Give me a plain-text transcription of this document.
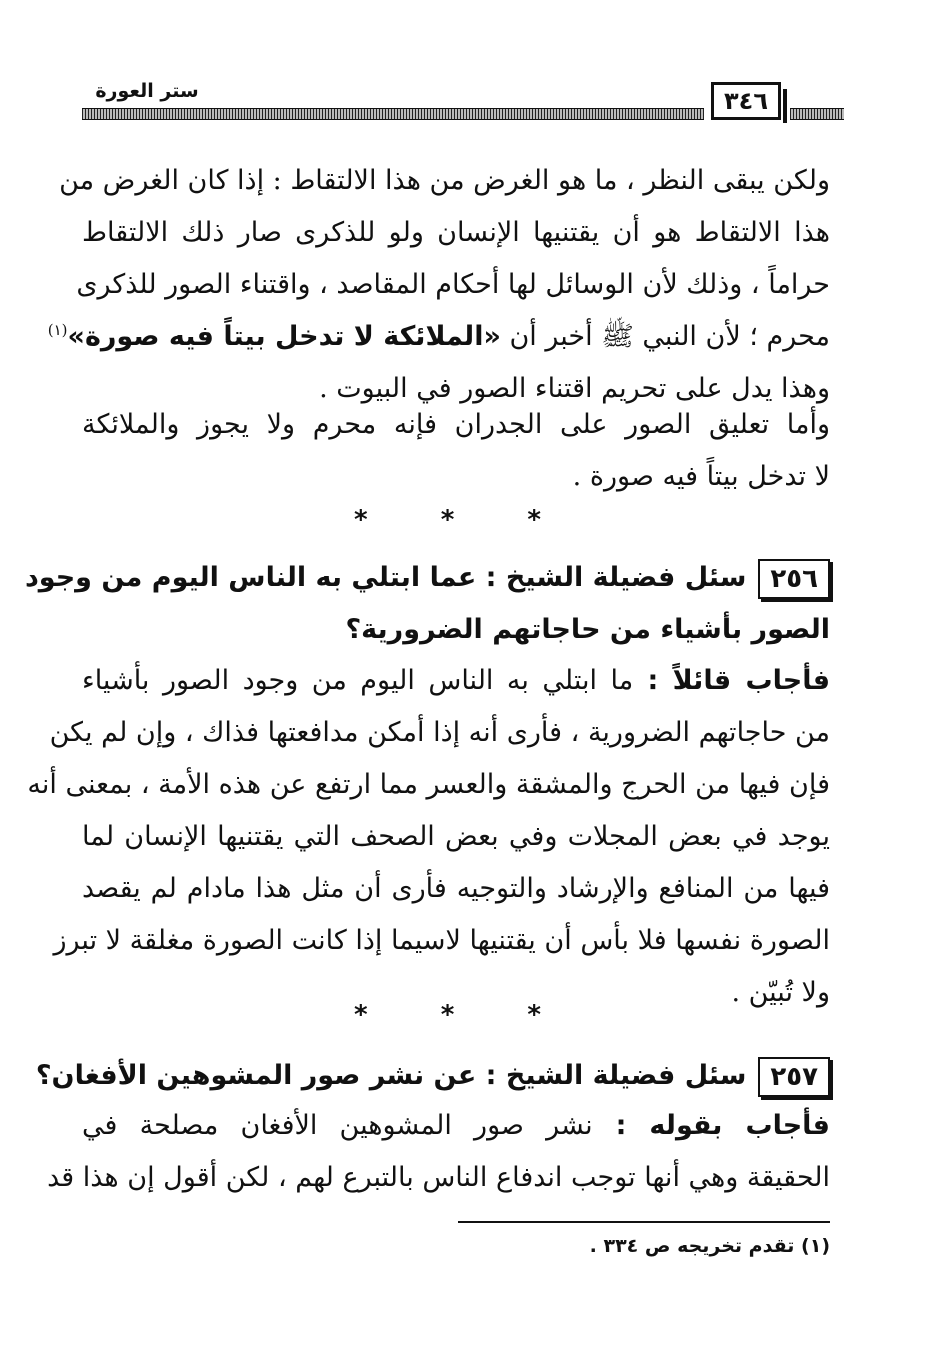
ستر العورة	٣٤٦
ولكن يبقى النظر ، ما هو الغرض من هذا الالتقاط : إذا كان الغرض من
هذا الالتقاط هو أن يقتنيها الإنسان ولو للذكرى صار ذلك الالتقاط
حراماً ، وذلك لأن الوسائل لها أحكام المقاصد ، واقتناء الصور للذكرى
محرم ؛ لأن النبي ﷺ أخبر أن «الملائكة لا تدخل بيتاً فيه صورة»$^{(١)}$
وهذا يدل على تحريم اقتناء الصور في البيوت .
وأما تعليق الصور على الجدران فإنه محرم ولا يجوز والملائكة
لا تدخل بيتاً فيه صورة .
* * *
٢٥٦سئل فضيلة الشيخ : عما ابتلي به الناس اليوم من وجود
الصور بأشياء من حاجاتهم الضرورية؟
فأجاب قائلاً : ما ابتلي به الناس اليوم من وجود الصور بأشياء
من حاجاتهم الضرورية ، فأرى أنه إذا أمكن مدافعتها فذاك ، وإن لم يكن
فإن فيها من الحرج والمشقة والعسر مما ارتفع عن هذه الأمة ، بمعنى أنه
يوجد في بعض المجلات وفي بعض الصحف التي يقتنيها الإنسان لما
فيها من المنافع والإرشاد والتوجيه فأرى أن مثل هذا مادام لم يقصد
الصورة نفسها فلا بأس أن يقتنيها لاسيما إذا كانت الصورة مغلقة لا تبرز
ولا تُبيّن .
* * *
٢٥٧سئل فضيلة الشيخ : عن نشر صور المشوهين الأفغان؟
فأجاب بقوله : نشر صور المشوهين الأفغان مصلحة في
الحقيقة وهي أنها توجب اندفاع الناس بالتبرع لهم ، لكن أقول إن هذا قد
(١) تقدم تخريجه ص ٣٣٤ .
